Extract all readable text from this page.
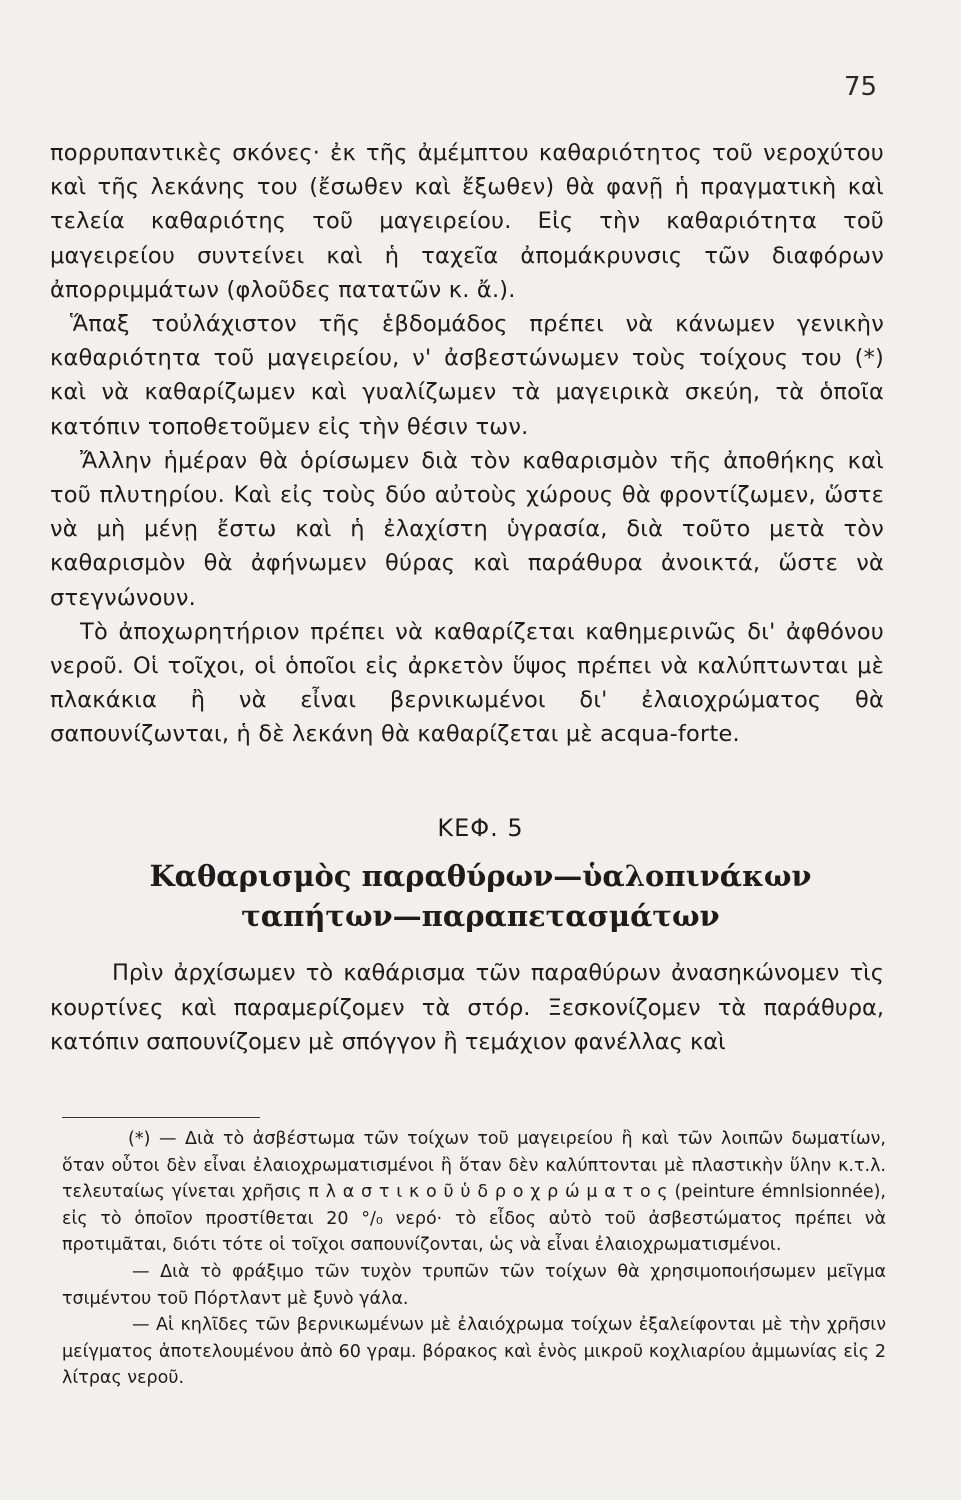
75

πορρυπαντικὲς σκόνες· ἐκ τῆς ἀμέμπτου καθαριότητος τοῦ νεροχύτου καὶ τῆς λεκάνης του (ἔσωθεν καὶ ἔξωθεν) θὰ φανῇ ἡ πραγματικὴ καὶ τελεία καθαριότης τοῦ μαγειρείου. Εἰς τὴν καθαριότητα τοῦ μαγειρείου συντείνει καὶ ἡ ταχεῖα ἀπομάκρυνσις τῶν διαφόρων ἀπορριμμάτων (φλοῦδες πατατῶν κ. ἄ.).

Ἅπαξ τοὐλάχιστον τῆς ἑβδομάδος πρέπει νὰ κάνωμεν γενικὴν καθαριότητα τοῦ μαγειρείου, ν' ἀσβεστώνωμεν τοὺς τοίχους του (*) καὶ νὰ καθαρίζωμεν καὶ γυαλίζωμεν τὰ μαγειρικὰ σκεύη, τὰ ὁποῖα κατόπιν τοποθετοῦμεν εἰς τὴν θέσιν των.

Ἄλλην ἡμέραν θὰ ὁρίσωμεν διὰ τὸν καθαρισμὸν τῆς ἀποθήκης καὶ τοῦ πλυτηρίου. Καὶ εἰς τοὺς δύο αὐτοὺς χώρους θὰ φροντίζωμεν, ὥστε νὰ μὴ μένῃ ἔστω καὶ ἡ ἐλαχίστη ὑγρασία, διὰ τοῦτο μετὰ τὸν καθαρισμὸν θὰ ἀφήνωμεν θύρας καὶ παράθυρα ἀνοικτά, ὥστε νὰ στεγνώνουν.

Τὸ ἀποχωρητήριον πρέπει νὰ καθαρίζεται καθημερινῶς δι' ἀφθόνου νεροῦ. Οἱ τοῖχοι, οἱ ὁποῖοι εἰς ἀρκετὸν ὕψος πρέπει νὰ καλύπτωνται μὲ πλακάκια ἢ νὰ εἶναι βερνικωμένοι δι' ἐλαιοχρώματος θὰ σαπουνίζωνται, ἡ δὲ λεκάνη θὰ καθαρίζεται μὲ acqua-forte.

ΚΕΦ. 5
Καθαρισμὸς παραθύρων—ὑαλοπινάκων
ταπήτων—παραπετασμάτων

Πρὶν ἀρχίσωμεν τὸ καθάρισμα τῶν παραθύρων ἀνασηκώνομεν τὶς κουρτίνες καὶ παραμερίζομεν τὰ στόρ. Ξεσκονίζομεν τὰ παράθυρα, κατόπιν σαπουνίζομεν μὲ σπόγγον ἢ τεμάχιον φανέλλας καὶ

(*) — Διὰ τὸ ἀσβέστωμα τῶν τοίχων τοῦ μαγειρείου ἢ καὶ τῶν λοιπῶν δωματίων, ὅταν οὗτοι δὲν εἶναι ἐλαιοχρωματισμένοι ἢ ὅταν δὲν καλύπτονται μὲ πλαστικὴν ὕλην κ.τ.λ. τελευταίως γίνεται χρῆσις π λ α σ τ ι κ ο ῦ ὑ δ ρ ο χ ρ ώ μ α τ ο ς (peinture émnlsionnée), εἰς τὸ ὁποῖον προστίθεται 20 °/₀ νερό· τὸ εἶδος αὐτὸ τοῦ ἀσβεστώματος πρέπει νὰ προτιμᾶται, διότι τότε οἱ τοῖχοι σαπουνίζονται, ὡς νὰ εἶναι ἐλαιοχρωματισμένοι.

— Διὰ τὸ φράξιμο τῶν τυχὸν τρυπῶν τῶν τοίχων θὰ χρησιμοποιήσωμεν μεῖγμα τσιμέντου τοῦ Πόρτλαντ μὲ ξυνὸ γάλα.

— Αἱ κηλῖδες τῶν βερνικωμένων μὲ ἐλαιόχρωμα τοίχων ἐξαλείφονται μὲ τὴν χρῆσιν μείγματος ἀποτελουμένου ἀπὸ 60 γραμ. βόρακος καὶ ἑνὸς μικροῦ κοχλιαρίου ἀμμωνίας εἰς 2 λίτρας νεροῦ.
